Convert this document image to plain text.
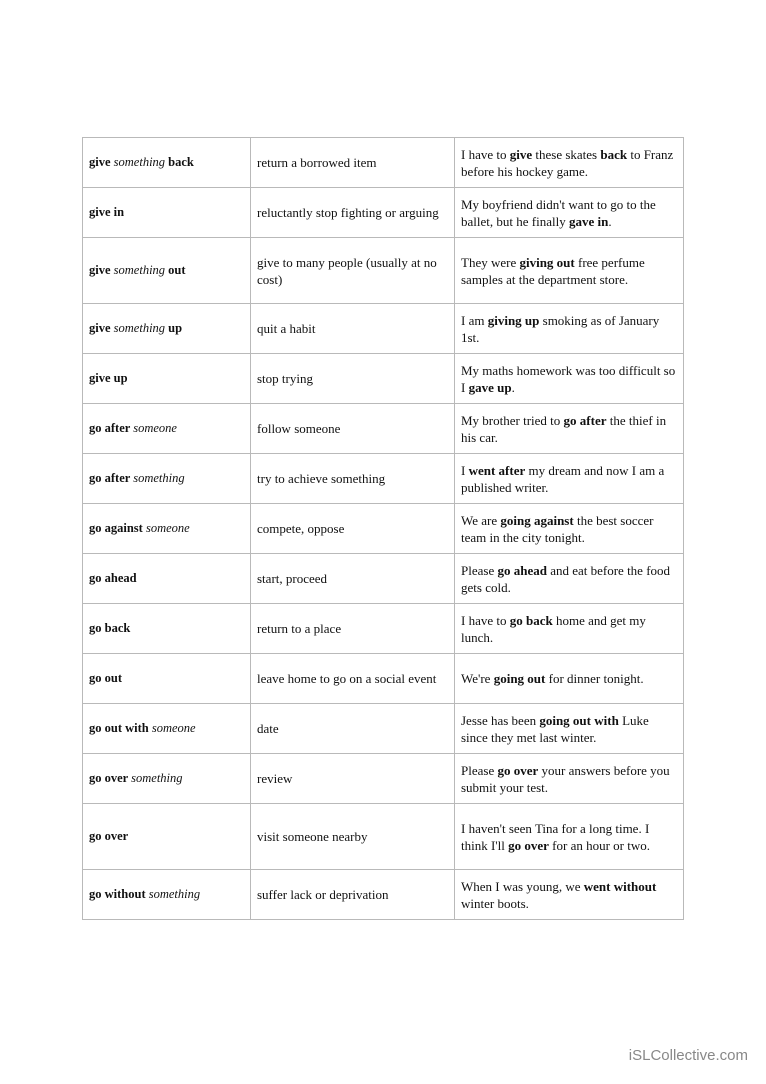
give something back	return a borrowed item	I have to give these skates back to Franz before his hockey game.
give in	reluctantly stop fighting or arguing	My boyfriend didn't want to go to the ballet, but he finally gave in.
give something out	give to many people (usually at no cost)	They were giving out free perfume samples at the department store.
give something up	quit a habit	I am giving up smoking as of January 1st.
give up	stop trying	My maths homework was too difficult so I gave up.
go after someone	follow someone	My brother tried to go after the thief in his car.
go after something	try to achieve something	I went after my dream and now I am a published writer.
go against someone	compete, oppose	We are going against the best soccer team in the city tonight.
go ahead	start, proceed	Please go ahead and eat before the food gets cold.
go back	return to a place	I have to go back home and get my lunch.
go out	leave home to go on a social event	We're going out for dinner tonight.
go out with someone	date	Jesse has been going out with Luke since they met last winter.
go over something	review	Please go over your answers before you submit your test.
go over	visit someone nearby	I haven't seen Tina for a long time. I think I'll go over for an hour or two.
go without something	suffer lack or deprivation	When I was young, we went without winter boots.
iSLCollective.com
